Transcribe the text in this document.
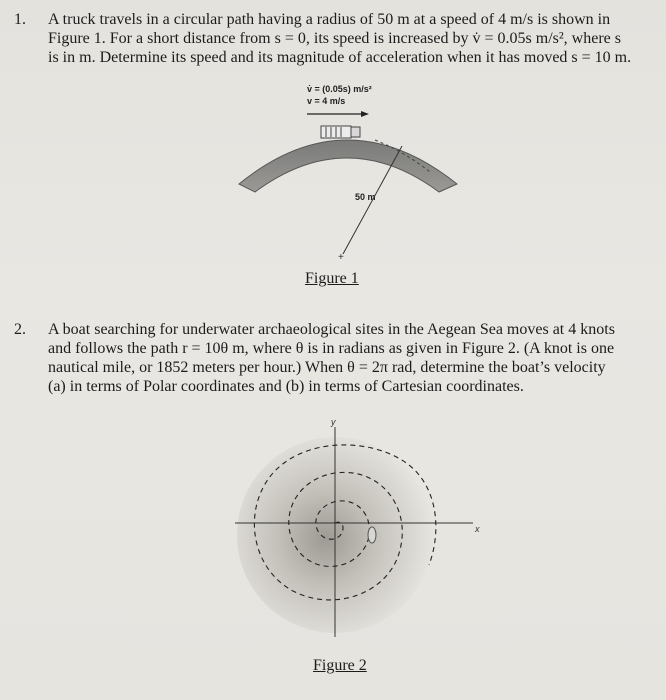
1. A truck travels in a circular path having a radius of 50 m at a speed of 4 m/s is shown in
Figure 1. For a short distance from s = 0, its speed is increased by v̇ = 0.05s m/s², where s
is in m. Determine its speed and its magnitude of acceleration when it has moved s = 10 m.
v̇ = (0.05s) m/s²
v = 4 m/s
+
50 m
Figure 1
2. A boat searching for underwater archaeological sites in the Aegean Sea moves at 4 knots
and follows the path r = 10θ m, where θ is in radians as given in Figure 2. (A knot is one
nautical mile, or 1852 meters per hour.) When θ = 2π rad, determine the boat’s velocity
(a) in terms of Polar coordinates and (b) in terms of Cartesian coordinates.
y
x
Figure 2
